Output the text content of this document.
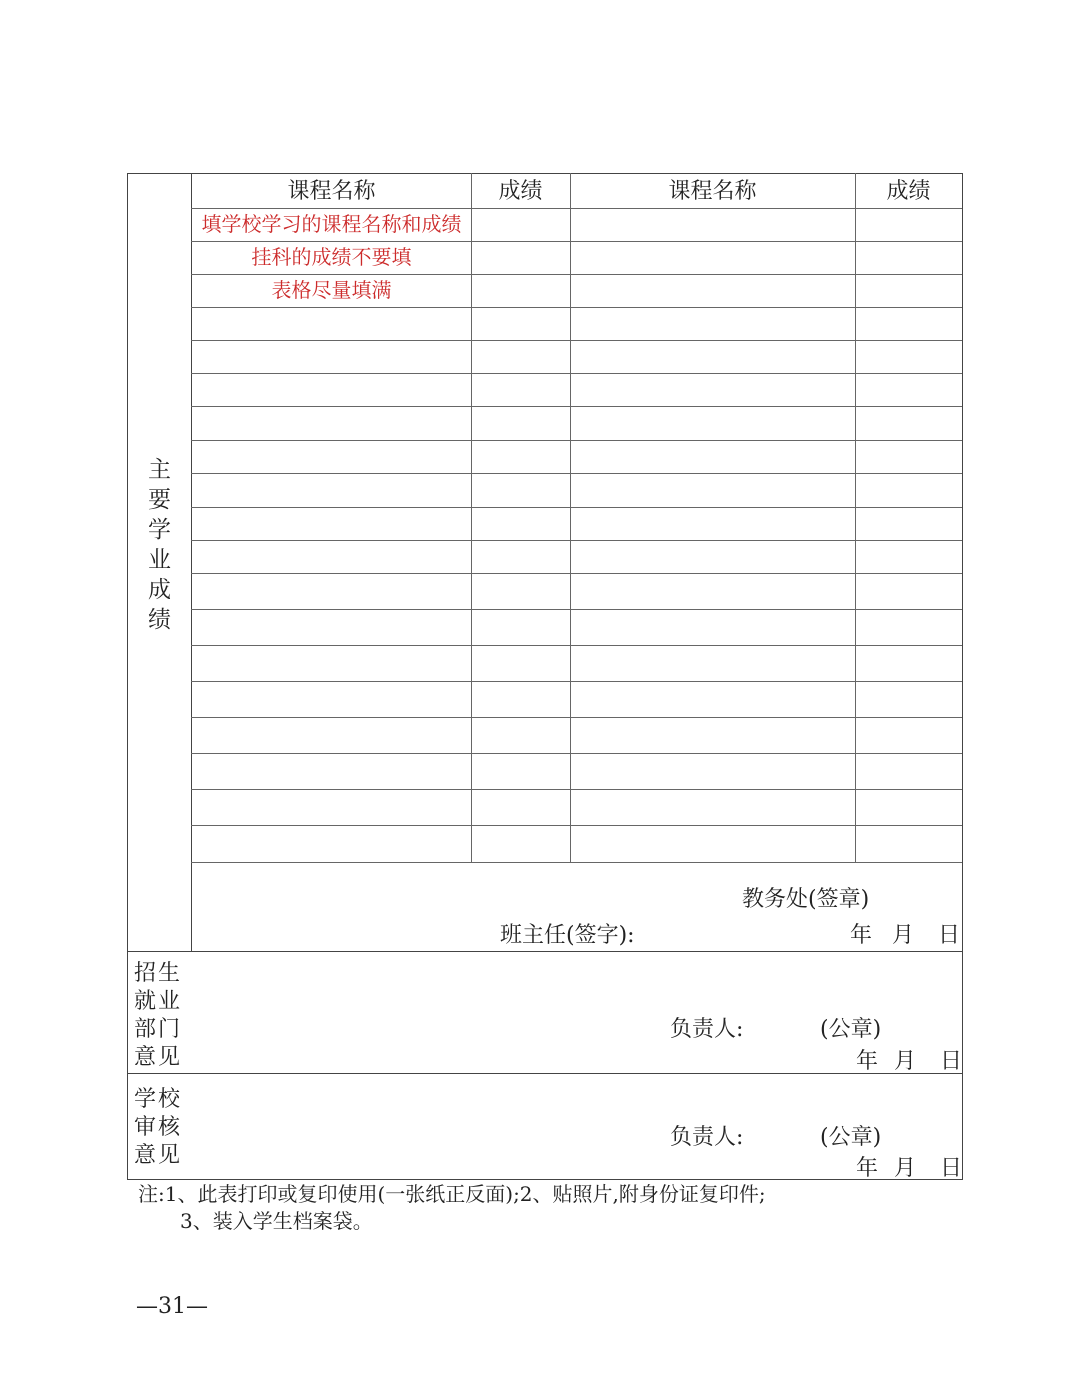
课程名称	成绩	课程名称	成绩
填学校学习的课程名称和成绩
挂科的成绩不要填
表格尽量填满
主
要
学
业
成
绩
教务处(签章)
班主任(签字):	年 月 日
招生
就业
部门
意见
负责人:	(公章)
年 月 日
学校
审核
意见
负责人:	(公章)
年 月 日
注:1、此表打印或复印使用(一张纸正反面);2、贴照片,附身份证复印件;
3、装入学生档案袋。
—31—
